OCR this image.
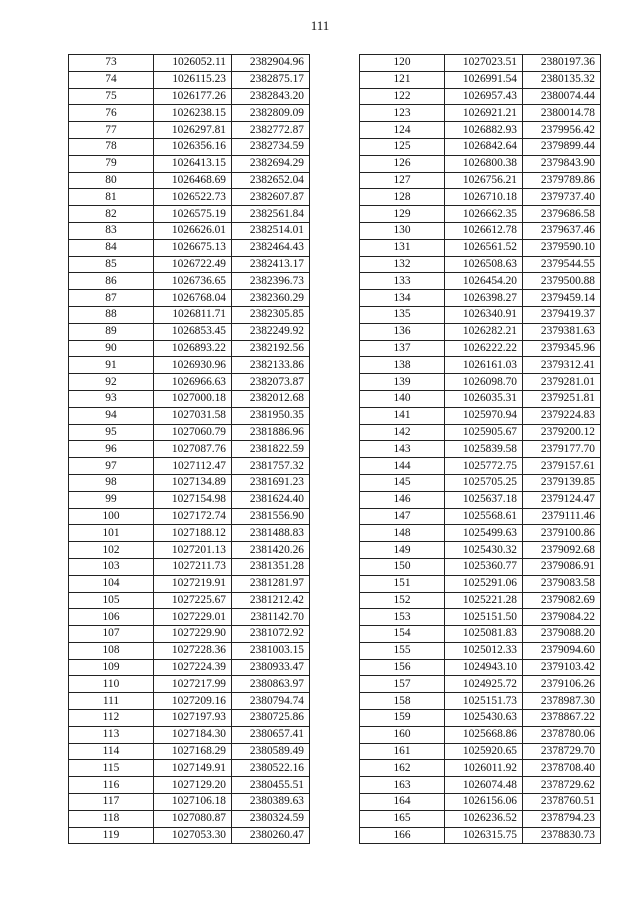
111
73	1026052.11	2382904.96
74	1026115.23	2382875.17
75	1026177.26	2382843.20
76	1026238.15	2382809.09
77	1026297.81	2382772.87
78	1026356.16	2382734.59
79	1026413.15	2382694.29
80	1026468.69	2382652.04
81	1026522.73	2382607.87
82	1026575.19	2382561.84
83	1026626.01	2382514.01
84	1026675.13	2382464.43
85	1026722.49	2382413.17
86	1026736.65	2382396.73
87	1026768.04	2382360.29
88	1026811.71	2382305.85
89	1026853.45	2382249.92
90	1026893.22	2382192.56
91	1026930.96	2382133.86
92	1026966.63	2382073.87
93	1027000.18	2382012.68
94	1027031.58	2381950.35
95	1027060.79	2381886.96
96	1027087.76	2381822.59
97	1027112.47	2381757.32
98	1027134.89	2381691.23
99	1027154.98	2381624.40
100	1027172.74	2381556.90
101	1027188.12	2381488.83
102	1027201.13	2381420.26
103	1027211.73	2381351.28
104	1027219.91	2381281.97
105	1027225.67	2381212.42
106	1027229.01	2381142.70
107	1027229.90	2381072.92
108	1027228.36	2381003.15
109	1027224.39	2380933.47
110	1027217.99	2380863.97
111	1027209.16	2380794.74
112	1027197.93	2380725.86
113	1027184.30	2380657.41
114	1027168.29	2380589.49
115	1027149.91	2380522.16
116	1027129.20	2380455.51
117	1027106.18	2380389.63
118	1027080.87	2380324.59
119	1027053.30	2380260.47
120	1027023.51	2380197.36
121	1026991.54	2380135.32
122	1026957.43	2380074.44
123	1026921.21	2380014.78
124	1026882.93	2379956.42
125	1026842.64	2379899.44
126	1026800.38	2379843.90
127	1026756.21	2379789.86
128	1026710.18	2379737.40
129	1026662.35	2379686.58
130	1026612.78	2379637.46
131	1026561.52	2379590.10
132	1026508.63	2379544.55
133	1026454.20	2379500.88
134	1026398.27	2379459.14
135	1026340.91	2379419.37
136	1026282.21	2379381.63
137	1026222.22	2379345.96
138	1026161.03	2379312.41
139	1026098.70	2379281.01
140	1026035.31	2379251.81
141	1025970.94	2379224.83
142	1025905.67	2379200.12
143	1025839.58	2379177.70
144	1025772.75	2379157.61
145	1025705.25	2379139.85
146	1025637.18	2379124.47
147	1025568.61	2379111.46
148	1025499.63	2379100.86
149	1025430.32	2379092.68
150	1025360.77	2379086.91
151	1025291.06	2379083.58
152	1025221.28	2379082.69
153	1025151.50	2379084.22
154	1025081.83	2379088.20
155	1025012.33	2379094.60
156	1024943.10	2379103.42
157	1024925.72	2379106.26
158	1025151.73	2378987.30
159	1025430.63	2378867.22
160	1025668.86	2378780.06
161	1025920.65	2378729.70
162	1026011.92	2378708.40
163	1026074.48	2378729.62
164	1026156.06	2378760.51
165	1026236.52	2378794.23
166	1026315.75	2378830.73
